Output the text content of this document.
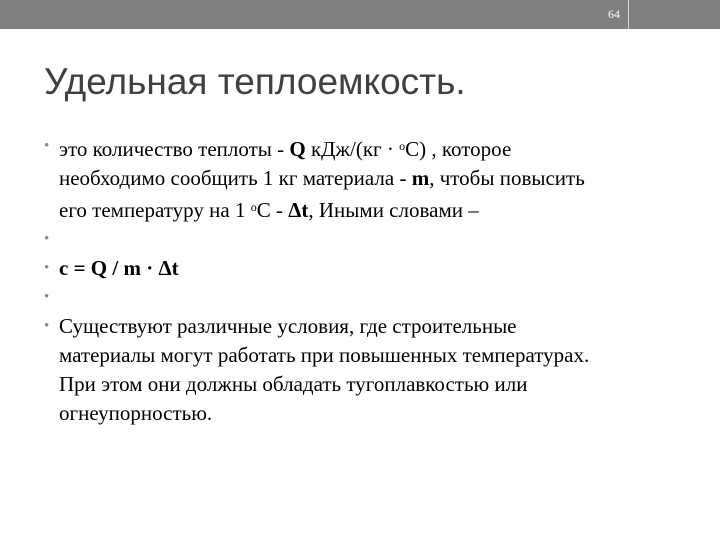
64
Удельная теплоемкость.
• это количество теплоты - Q кДж/(кг · $^o$С) , которое
необходимо сообщить 1 кг материала - m, чтобы повысить
его температуру на 1 $^o$С - Δt, Иными словами –
•
• c = Q / m · Δt
•
• Существуют различные условия, где строительные
материалы могут работать при повышенных температурах.
При этом они должны обладать тугоплавкостью или
огнеупорностью.
